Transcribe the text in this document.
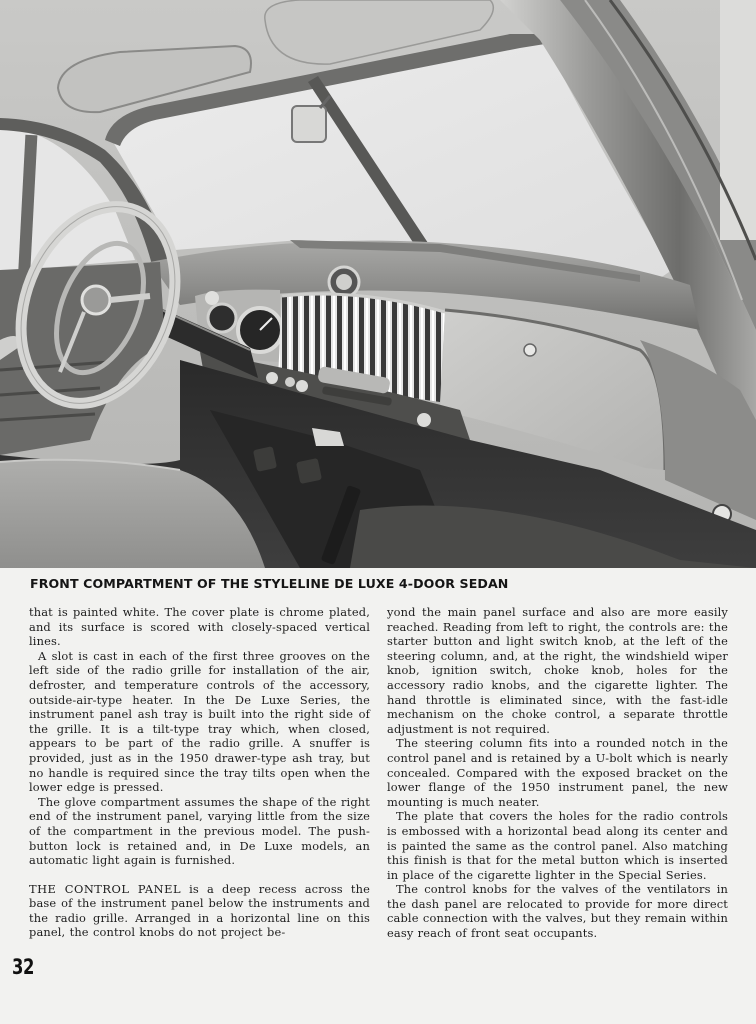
FRONT COMPARTMENT OF THE STYLELINE DE LUXE 4-DOOR SEDAN

that is painted white. The cover plate is chrome plated, and its surface is scored with closely-spaced vertical lines.

A slot is cast in each of the first three grooves on the left side of the radio grille for installation of the air, defroster, and temperature controls of the accessory, outside-air-type heater. In the De Luxe Series, the instrument panel ash tray is built into the right side of the grille. It is a tilt-type tray which, when closed, appears to be part of the radio grille. A snuffer is provided, just as in the 1950 drawer-type ash tray, but no handle is required since the tray tilts open when the lower edge is pressed.

The glove compartment assumes the shape of the right end of the instrument panel, varying little from the size of the compartment in the previous model. The push-button lock is retained and, in De Luxe models, an automatic light again is furnished.

THE CONTROL PANEL is a deep recess across the base of the instrument panel below the instruments and the radio grille. Arranged in a horizontal line on this panel, the control knobs do not project be-

yond the main panel surface and also are more easily reached. Reading from left to right, the controls are: the starter button and light switch knob, at the left of the steering column, and, at the right, the windshield wiper knob, ignition switch, choke knob, holes for the accessory radio knobs, and the cigarette lighter. The hand throttle is eliminated since, with the fast-idle mechanism on the choke control, a separate throttle adjustment is not required.

The steering column fits into a rounded notch in the control panel and is retained by a U-bolt which is nearly concealed. Compared with the exposed bracket on the lower flange of the 1950 instrument panel, the new mounting is much neater.

The plate that covers the holes for the radio controls is embossed with a horizontal bead along its center and is painted the same as the control panel. Also matching this finish is that for the metal button which is inserted in place of the cigarette lighter in the Special Series.

The control knobs for the valves of the ventilators in the dash panel are relocated to provide for more direct cable connection with the valves, but they remain within easy reach of front seat occupants.

32
